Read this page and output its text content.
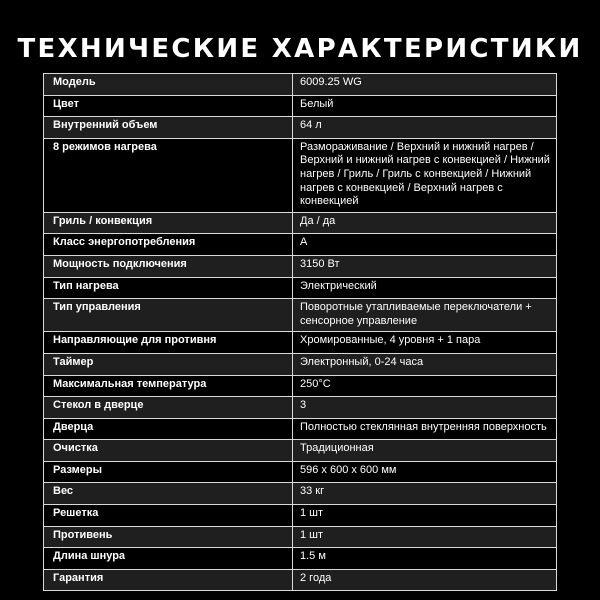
ТЕХНИЧЕСКИЕ ХАРАКТЕРИСТИКИ
Модель	6009.25 WG
Цвет	Белый
Внутренний объем	64 л
8 режимов нагрева	Размораживание / Верхний и нижний нагрев / Верхний и нижний нагрев с конвекцией / Нижний нагрев / Гриль / Гриль с конвекцией / Нижний нагрев с конвекцией / Верхний нагрев с конвекцией
Гриль / конвекция	Да / да
Класс энергопотребления	А
Мощность подключения	3150 Вт
Тип нагрева	Электрический
Тип управления	Поворотные утапливаемые переключатели + сенсорное управление
Направляющие для противня	Хромированные, 4 уровня + 1 пара
Таймер	Электронный, 0-24 часа
Максимальная температура	250°С
Стекол в дверце	3
Дверца	Полностью стеклянная внутренняя поверхность
Очистка	Традиционная
Размеры	596 х 600 х 600 мм
Вес	33 кг
Решетка	1 шт
Противень	1 шт
Длина шнура	1.5 м
Гарантия	2 года
